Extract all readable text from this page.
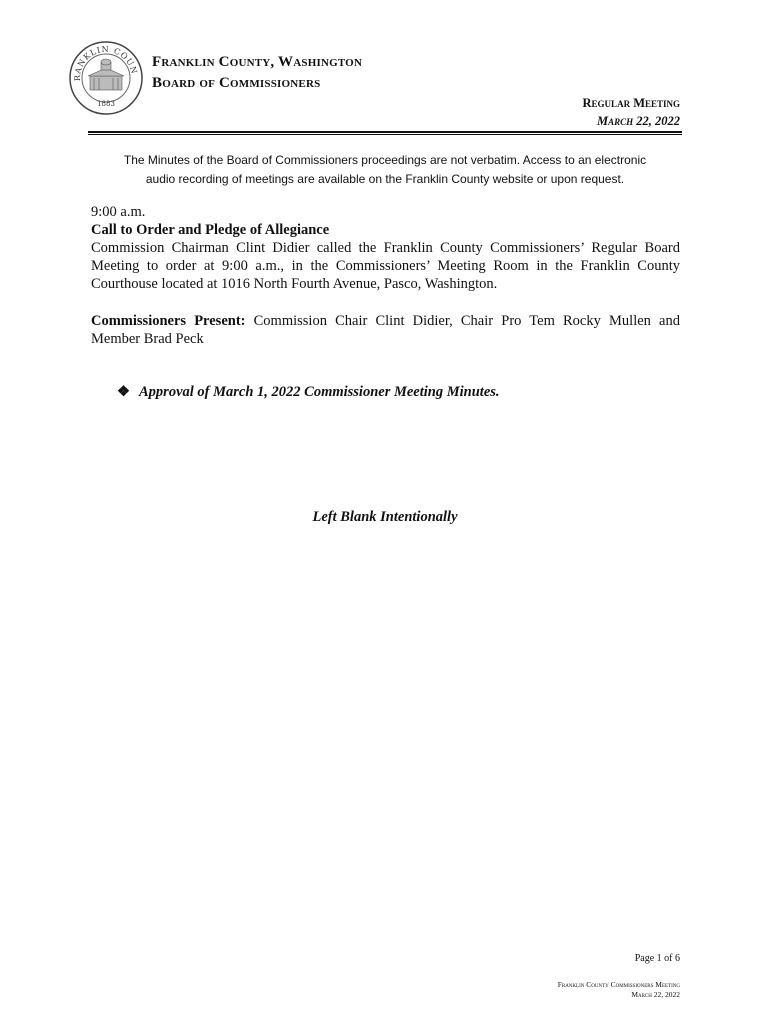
RANKLIN COUN
1883
Franklin County, Washington
Board of Commissioners
Regular Meeting
March 22, 2022
The Minutes of the Board of Commissioners proceedings are not verbatim. Access to an electronic
audio recording of meetings are available on the Franklin County website or upon request.
9:00 a.m.
Call to Order and Pledge of Allegiance
Commission Chairman Clint Didier called the Franklin County Commissioners’ Regular Board Meeting to order at 9:00 a.m., in the Commissioners’ Meeting Room in the Franklin County Courthouse located at 1016 North Fourth Avenue, Pasco, Washington.
Commissioners Present: Commission Chair Clint Didier, Chair Pro Tem Rocky Mullen and Member Brad Peck
❖ Approval of March 1, 2022 Commissioner Meeting Minutes.
Left Blank Intentionally
Page 1 of 6
Franklin County Commissioners Meeting
March 22, 2022
